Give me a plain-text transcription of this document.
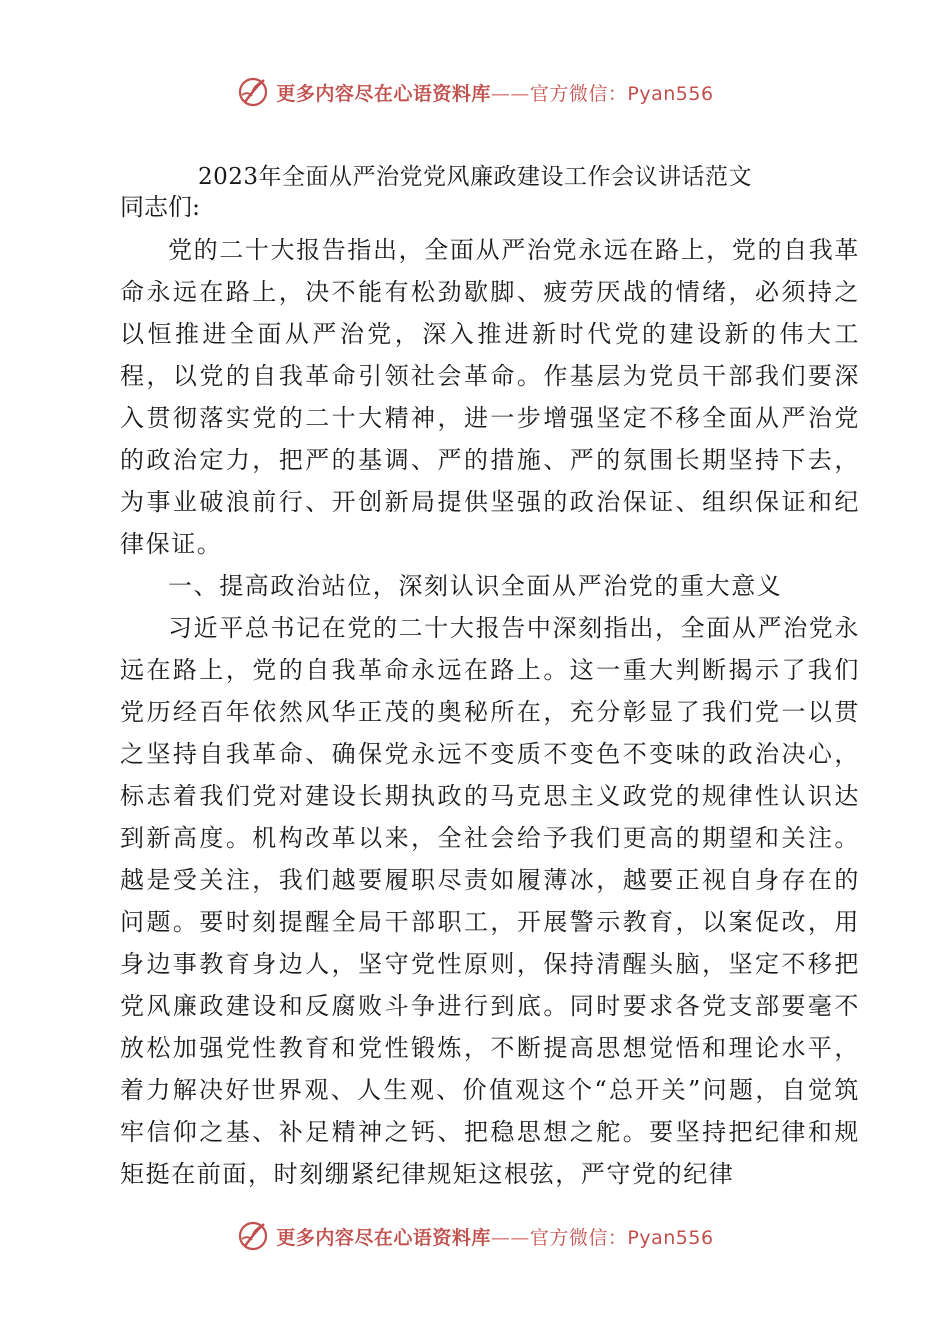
更多内容尽在心语资料库——官方微信：Pyan556
2023年全面从严治党党风廉政建设工作会议讲话范文

同志们:

党的二十大报告指出，全面从严治党永远在路上，党的自我革命永远在路上，决不能有松劲歇脚、疲劳厌战的情绪，必须持之以恒推进全面从严治党，深入推进新时代党的建设新的伟大工程，以党的自我革命引领社会革命。作基层为党员干部我们要深入贯彻落实党的二十大精神，进一步增强坚定不移全面从严治党的政治定力，把严的基调、严的措施、严的氛围长期坚持下去，为事业破浪前行、开创新局提供坚强的政治保证、组织保证和纪律保证。

一、提高政治站位，深刻认识全面从严治党的重大意义

习近平总书记在党的二十大报告中深刻指出，全面从严治党永远在路上，党的自我革命永远在路上。这一重大判断揭示了我们党历经百年依然风华正茂的奥秘所在，充分彰显了我们党一以贯之坚持自我革命、确保党永远不变质不变色不变味的政治决心，标志着我们党对建设长期执政的马克思主义政党的规律性认识达到新高度。机构改革以来，全社会给予我们更高的期望和关注。越是受关注，我们越要履职尽责如履薄冰，越要正视自身存在的问题。要时刻提醒全局干部职工，开展警示教育，以案促改，用身边事教育身边人，坚守党性原则，保持清醒头脑，坚定不移把党风廉政建设和反腐败斗争进行到底。同时要求各党支部要毫不放松加强党性教育和党性锻炼，不断提高思想觉悟和理论水平，着力解决好世界观、人生观、价值观这个“总开关”问题，自觉筑牢信仰之基、补足精神之钙、把稳思想之舵。要坚持把纪律和规矩挺在前面，时刻绷紧纪律规矩这根弦，严守党的纪律

更多内容尽在心语资料库——官方微信：Pyan556
